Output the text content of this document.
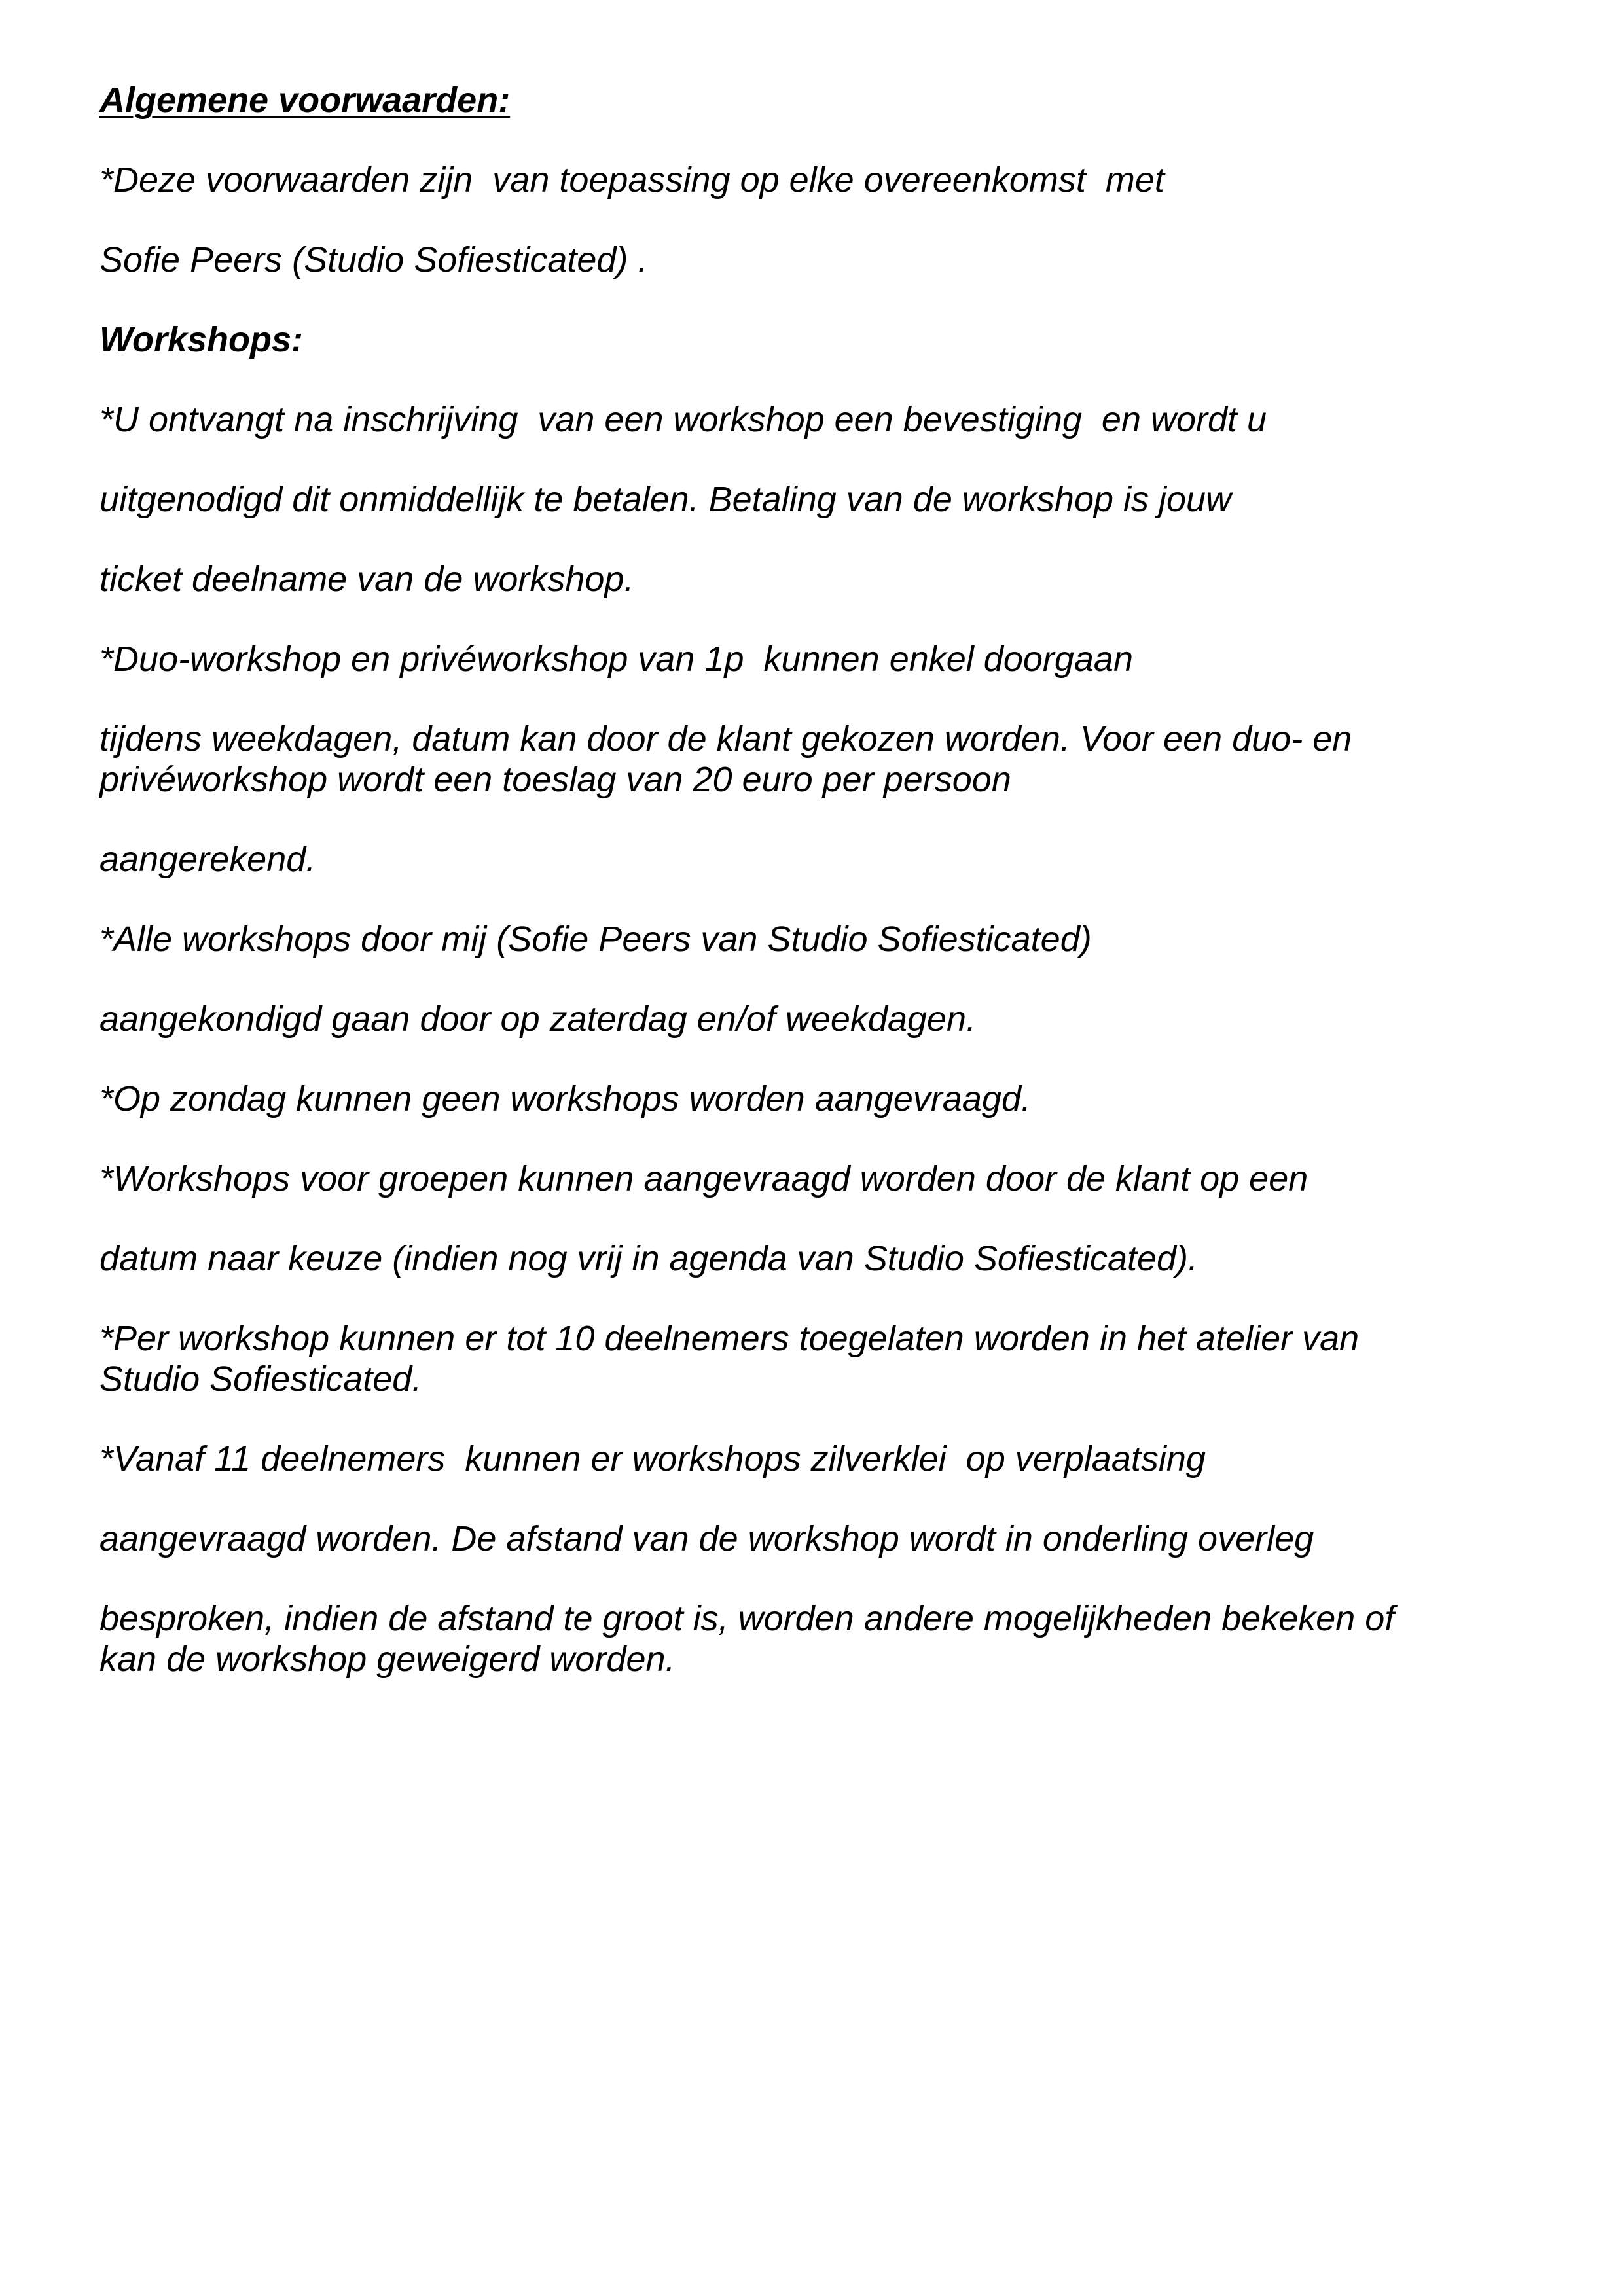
Algemene voorwaarden:

*Deze voorwaarden zijn  van toepassing op elke overeenkomst  met

Sofie Peers (Studio Sofiesticated) .

Workshops:

*U ontvangt na inschrijving  van een workshop een bevestiging  en wordt u

uitgenodigd dit onmiddellijk te betalen. Betaling van de workshop is jouw

ticket deelname van de workshop.

*Duo-workshop en privéworkshop van 1p  kunnen enkel doorgaan

tijdens weekdagen, datum kan door de klant gekozen worden. Voor een duo- en
privéworkshop wordt een toeslag van 20 euro per persoon

aangerekend.

*Alle workshops door mij (Sofie Peers van Studio Sofiesticated)

aangekondigd gaan door op zaterdag en/of weekdagen.

*Op zondag kunnen geen workshops worden aangevraagd.

*Workshops voor groepen kunnen aangevraagd worden door de klant op een

datum naar keuze (indien nog vrij in agenda van Studio Sofiesticated).

*Per workshop kunnen er tot 10 deelnemers toegelaten worden in het atelier van
Studio Sofiesticated.

*Vanaf 11 deelnemers  kunnen er workshops zilverklei  op verplaatsing

aangevraagd worden. De afstand van de workshop wordt in onderling overleg

besproken, indien de afstand te groot is, worden andere mogelijkheden bekeken of
kan de workshop geweigerd worden.
